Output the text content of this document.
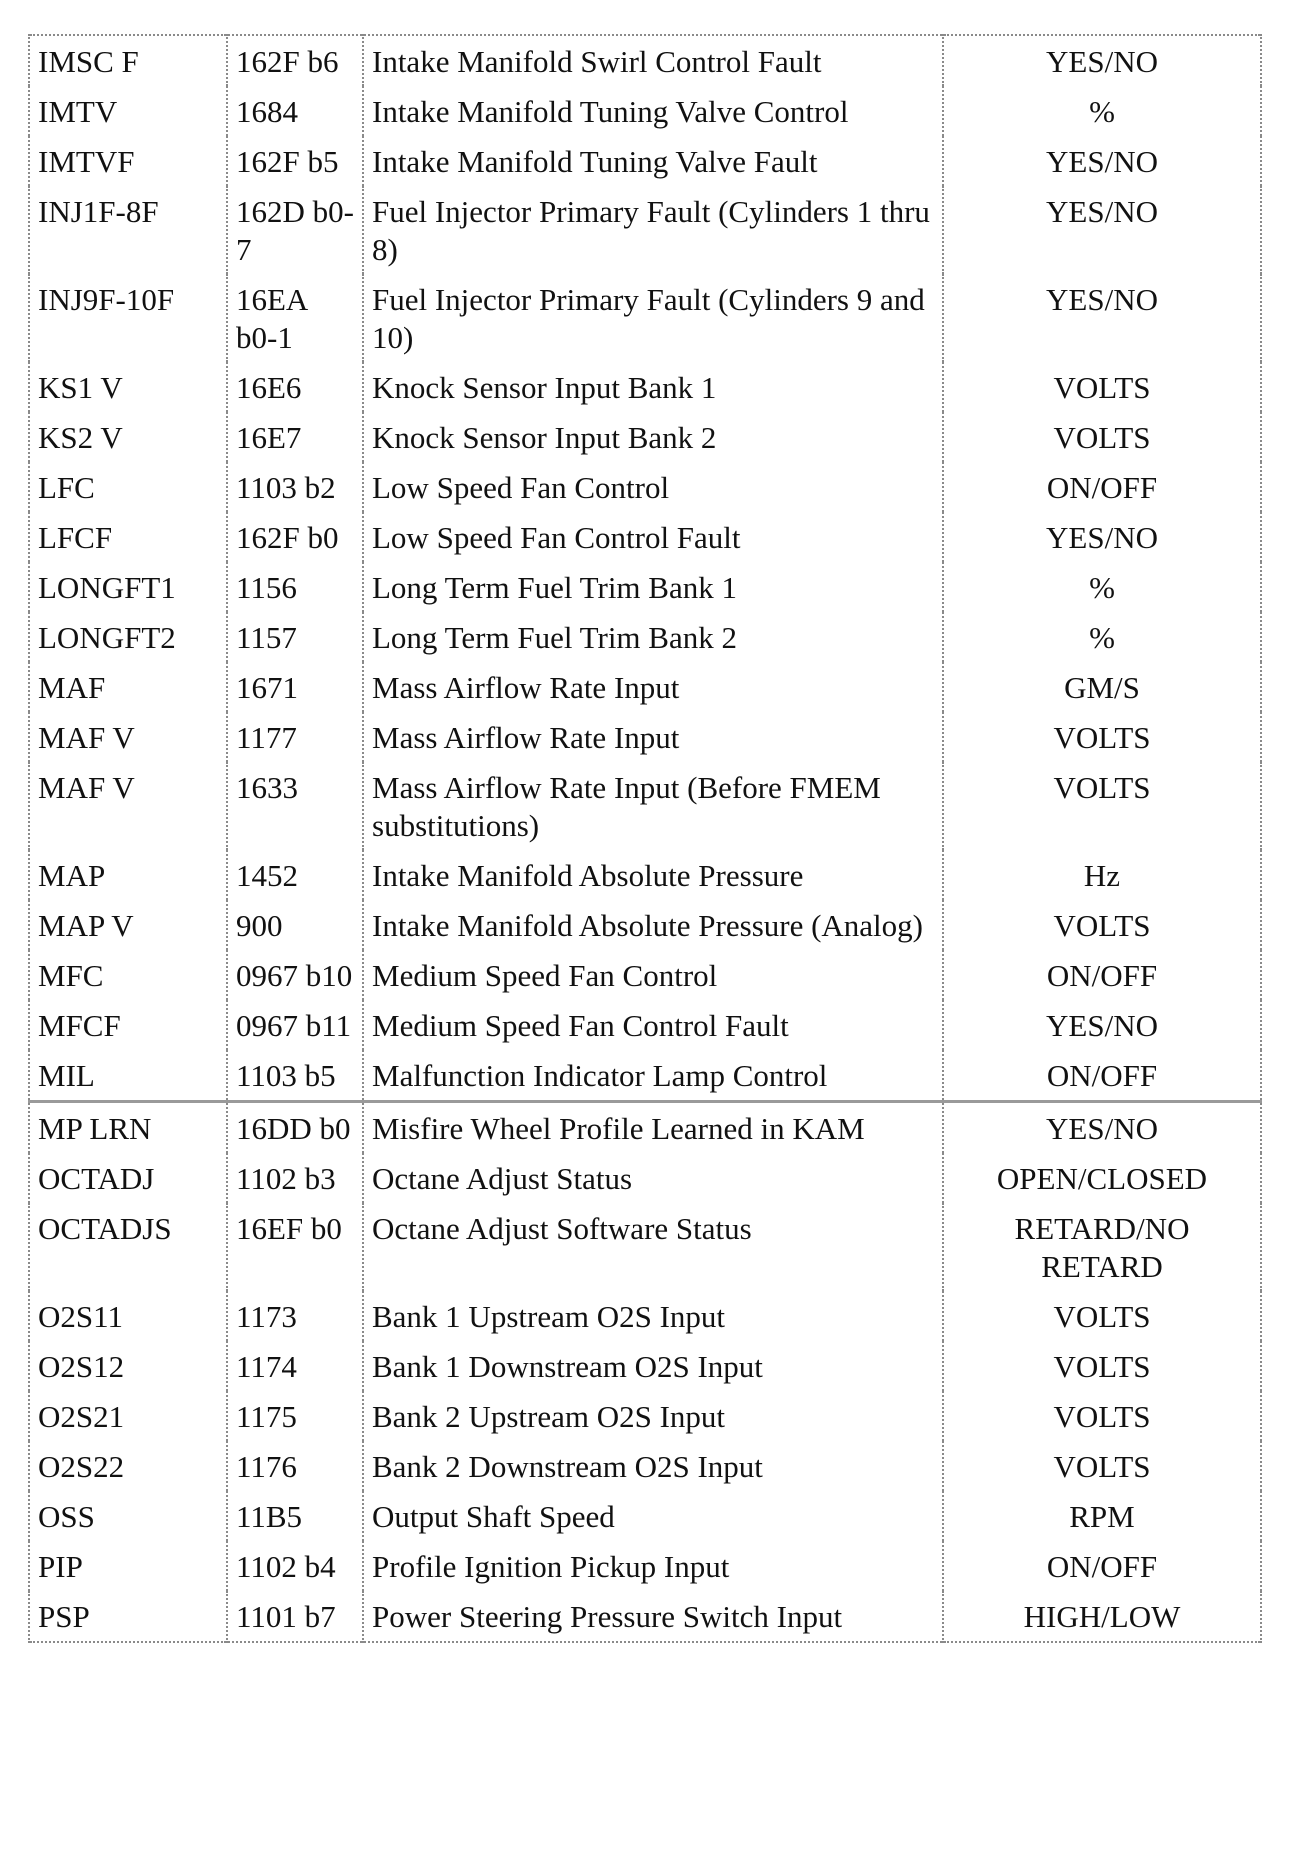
IMSC F	162F b6	Intake Manifold Swirl Control Fault	YES/NO
IMTV	1684	Intake Manifold Tuning Valve Control	%
IMTVF	162F b5	Intake Manifold Tuning Valve Fault	YES/NO
INJ1F-8F	162D b0-7	Fuel Injector Primary Fault (Cylinders 1 thru 8)	YES/NO
INJ9F-10F	16EA b0-1	Fuel Injector Primary Fault (Cylinders 9 and 10)	YES/NO
KS1 V	16E6	Knock Sensor Input Bank 1	VOLTS
KS2 V	16E7	Knock Sensor Input Bank 2	VOLTS
LFC	1103 b2	Low Speed Fan Control	ON/OFF
LFCF	162F b0	Low Speed Fan Control Fault	YES/NO
LONGFT1	1156	Long Term Fuel Trim Bank 1	%
LONGFT2	1157	Long Term Fuel Trim Bank 2	%
MAF	1671	Mass Airflow Rate Input	GM/S
MAF V	1177	Mass Airflow Rate Input	VOLTS
MAF V	1633	Mass Airflow Rate Input (Before FMEM substitutions)	VOLTS
MAP	1452	Intake Manifold Absolute Pressure	Hz
MAP V	900	Intake Manifold Absolute Pressure (Analog)	VOLTS
MFC	0967 b10	Medium Speed Fan Control	ON/OFF
MFCF	0967 b11	Medium Speed Fan Control Fault	YES/NO
MIL	1103 b5	Malfunction Indicator Lamp Control	ON/OFF
MP LRN	16DD b0	Misfire Wheel Profile Learned in KAM	YES/NO
OCTADJ	1102 b3	Octane Adjust Status	OPEN/CLOSED
OCTADJS	16EF b0	Octane Adjust Software Status	RETARD/NO RETARD
O2S11	1173	Bank 1 Upstream O2S Input	VOLTS
O2S12	1174	Bank 1 Downstream O2S Input	VOLTS
O2S21	1175	Bank 2 Upstream O2S Input	VOLTS
O2S22	1176	Bank 2 Downstream O2S Input	VOLTS
OSS	11B5	Output Shaft Speed	RPM
PIP	1102 b4	Profile Ignition Pickup Input	ON/OFF
PSP	1101 b7	Power Steering Pressure Switch Input	HIGH/LOW
